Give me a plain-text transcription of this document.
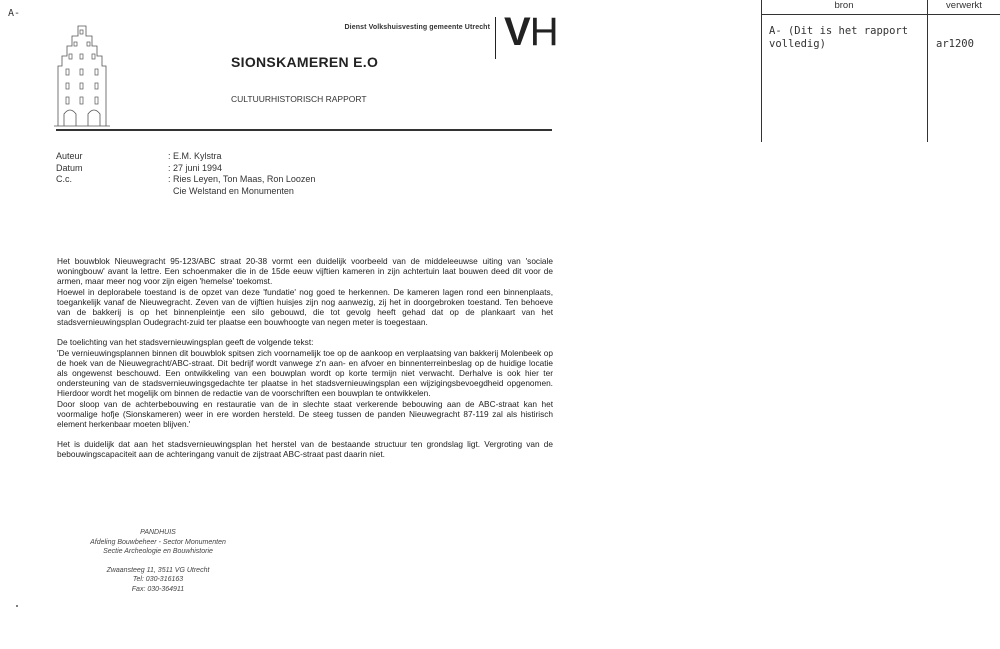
A-
Dienst Volkshuisvesting gemeente Utrecht VH
SIONSKAMEREN E.O
CULTUURHISTORISCH RAPPORT
Auteur	: E.M. Kylstra
Datum	: 27 juni 1994
C.c.	: Ries Leyen, Ton Maas, Ron Loozen
Cie Welstand en Monumenten

Het bouwblok Nieuwegracht 95-123/ABC straat 20-38 vormt een duidelijk voorbeeld van de middeleeuwse uiting van 'sociale woningbouw' avant la lettre. Een schoenmaker die in de 15de eeuw vijftien kameren in zijn achtertuin laat bouwen deed dit voor de armen, maar meer nog voor zijn eigen 'hemelse' toekomst.

Hoewel in deplorabele toestand is de opzet van deze 'fundatie' nog goed te herkennen. De kameren lagen rond een binnenplaats, toegankelijk vanaf de Nieuwegracht. Zeven van de vijftien huisjes zijn nog aanwezig, zij het in doorgebroken toestand. Ten behoeve van de bakkerij is op het binnenpleintje een silo gebouwd, die tot gevolg heeft gehad dat op de plankaart van het stadsvernieuwingsplan Oudegracht-zuid ter plaatse een bouwhoogte van negen meter is toegestaan.

De toelichting van het stadsvernieuwingsplan geeft de volgende tekst:

'De vernieuwingsplannen binnen dit bouwblok spitsen zich voornamelijk toe op de aankoop en verplaatsing van bakkerij Molenbeek op de hoek van de Nieuwegracht/ABC-straat. Dit bedrijf wordt vanwege z'n aan- en afvoer en binnenterreinbeslag op de huidige locatie als ongewenst beschouwd. Een ontwikkeling van een bouwplan wordt op korte termijn niet verwacht. Derhalve is ook hier ter ondersteuning van de stadsvernieuwingsgedachte ter plaatse in het stadsvernieuwingsplan een wijzigingsbevoegdheid opgenomen. Hierdoor wordt het mogelijk om binnen de redactie van de voorschriften een bouwplan te ontwikkelen.

Door sloop van de achterbebouwing en restauratie van de in slechte staat verkerende bebouwing aan de ABC-straat kan het voormalige hofje (Sionskameren) weer in ere worden hersteld. De steeg tussen de panden Nieuwegracht 87-119 zal als histirisch element herkenbaar moeten blijven.'

Het is duidelijk dat aan het stadsvernieuwingsplan het herstel van de bestaande structuur ten grondslag ligt. Vergroting van de bebouwingscapaciteit aan de achteringang vanuit de zijstraat ABC-straat past daarin niet.

PANDHUIS
Afdeling Bouwbeheer - Sector Monumenten
Sectie Archeologie en Bouwhistorie
Zwaansteeg 11, 3511 VG Utrecht
Tel: 030-316163
Fax: 030-364911
bron	verwerkt
A- (Dit is het rapport
volledig)	ar1200
